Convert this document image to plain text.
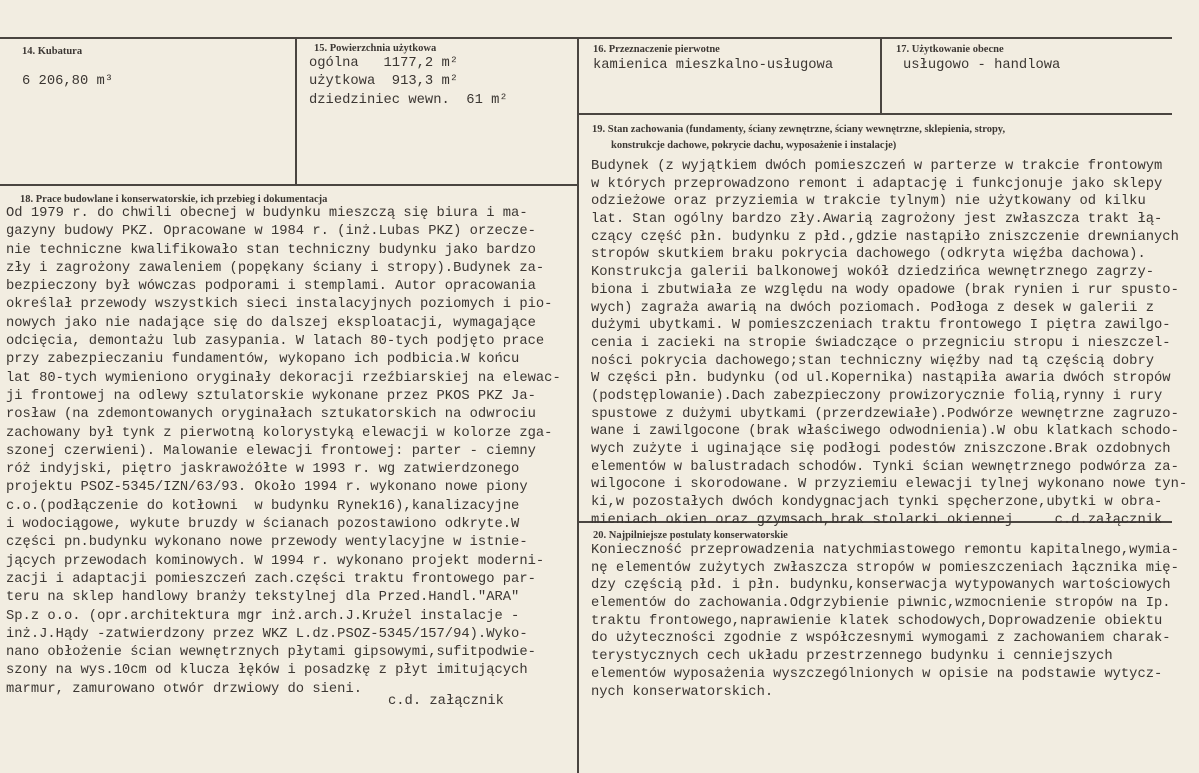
14. Kubatura
6 206,80 m³
15. Powierzchnia użytkowa
ogólna   1177,2 m²
użytkowa  913,3 m²
dziedziniec wewn.  61 m²
16. Przeznaczenie pierwotne
kamienica mieszkalno-usługowa
17. Użytkowanie obecne
usługowo - handlowa
18. Prace budowlane i konserwatorskie, ich przebieg i dokumentacja
Od 1979 r. do chwili obecnej w budynku mieszczą się biura i ma-
gazyny budowy PKZ. Opracowane w 1984 r. (inż.Lubas PKZ) orzecze-
nie techniczne kwalifikowało stan techniczny budynku jako bardzo
zły i zagrożony zawaleniem (popękany ściany i stropy).Budynek za-
bezpieczony był wówczas podporami i stemplami. Autor opracowania
określał przewody wszystkich sieci instalacyjnych poziomych i pio-
nowych jako nie nadające się do dalszej eksploatacji, wymagające
odcięcia, demontażu lub zasypania. W latach 80-tych podjęto prace
przy zabezpieczaniu fundamentów, wykopano ich podbicia.W końcu
lat 80-tych wymieniono oryginały dekoracji rzeźbiarskiej na elewac-
ji frontowej na odlewy sztulatorskie wykonane przez PKOS PKZ Ja-
rosław (na zdemontowanych oryginałach sztukatorskich na odwrociu
zachowany był tynk z pierwotną kolorystyką elewacji w kolorze zga-
szonej czerwieni). Malowanie elewacji frontowej: parter - ciemny
róż indyjski, piętro jaskrawożółte w 1993 r. wg zatwierdzonego
projektu PSOZ-5345/IZN/63/93. Około 1994 r. wykonano nowe piony
c.o.(podłączenie do kotłowni  w budynku Rynek16),kanalizacyjne
i wodociągowe, wykute bruzdy w ścianach pozostawiono odkryte.W
części pn.budynku wykonano nowe przewody wentylacyjne w istnie-
jących przewodach kominowych. W 1994 r. wykonano projekt moderni-
zacji i adaptacji pomieszczeń zach.części traktu frontowego par-
teru na sklep handlowy branży tekstylnej dla Przed.Handl."ARA"
Sp.z o.o. (opr.architektura mgr inż.arch.J.Krużel instalacje -
inż.J.Hądy -zatwierdzony przez WKZ L.dz.PSOZ-5345/157/94).Wyko-
nano obłożenie ścian wewnętrznych płytami gipsowymi,sufitpodwie-
szony na wys.10cm od klucza łęków i posadzkę z płyt imitujących
marmur, zamurowano otwór drzwiowy do sieni.
c.d. załącznik
19. Stan zachowania (fundamenty, ściany zewnętrzne, ściany wewnętrzne, sklepienia, stropy,
konstrukcje dachowe, pokrycie dachu, wyposażenie i instalacje)
Budynek (z wyjątkiem dwóch pomieszczeń w parterze w trakcie frontowym
w których przeprowadzono remont i adaptację i funkcjonuje jako sklepy
odzieżowe oraz przyziemia w trakcie tylnym) nie użytkowany od kilku
lat. Stan ogólny bardzo zły.Awarią zagrożony jest zwłaszcza trakt łą-
czący część płn. budynku z płd.,gdzie nastąpiło zniszczenie drewnianych
stropów skutkiem braku pokrycia dachowego (odkryta więźba dachowa).
Konstrukcja galerii balkonowej wokół dziedzińca wewnętrznego zagrzy-
biona i zbutwiała ze względu na wody opadowe (brak rynien i rur spusto-
wych) zagraża awarią na dwóch poziomach. Podłoga z desek w galerii z
dużymi ubytkami. W pomieszczeniach traktu frontowego I piętra zawilgo-
cenia i zacieki na stropie świadczące o przegniciu stropu i nieszczel-
ności pokrycia dachowego;stan techniczny więźby nad tą częścią dobry
W części płn. budynku (od ul.Kopernika) nastąpiła awaria dwóch stropów
(podstęplowanie).Dach zabezpieczony prowizorycznie folią,rynny i rury
spustowe z dużymi ubytkami (przerdzewiałe).Podwórze wewnętrzne zagruzo-
wane i zawilgocone (brak właściwego odwodnienia).W obu klatkach schodo-
wych zużyte i uginające się podłogi podestów zniszczone.Brak ozdobnych
elementów w balustradach schodów. Tynki ścian wewnętrznego podwórza za-
wilgocone i skorodowane. W przyziemiu elewacji tylnej wykonano nowe tyn-
ki,w pozostałych dwóch kondygnacjach tynki spęcherzone,ubytki w obra-
mieniach okien oraz gzymsach,brak stolarki okiennej     c.d.załącznik
20. Najpilniejsze postulaty konserwatorskie
Konieczność przeprowadzenia natychmiastowego remontu kapitalnego,wymia-
nę elementów zużytych zwłaszcza stropów w pomieszczeniach łącznika mię-
dzy częścią płd. i płn. budynku,konserwacja wytypowanych wartościowych
elementów do zachowania.Odgrzybienie piwnic,wzmocnienie stropów na Ip.
traktu frontowego,naprawienie klatek schodowych,Doprowadzenie obiektu
do użyteczności zgodnie z współczesnymi wymogami z zachowaniem charak-
terystycznych cech układu przestrzennego budynku i cenniejszych
elementów wyposażenia wyszczególnionych w opisie na podstawie wytycz-
nych konserwatorskich.
